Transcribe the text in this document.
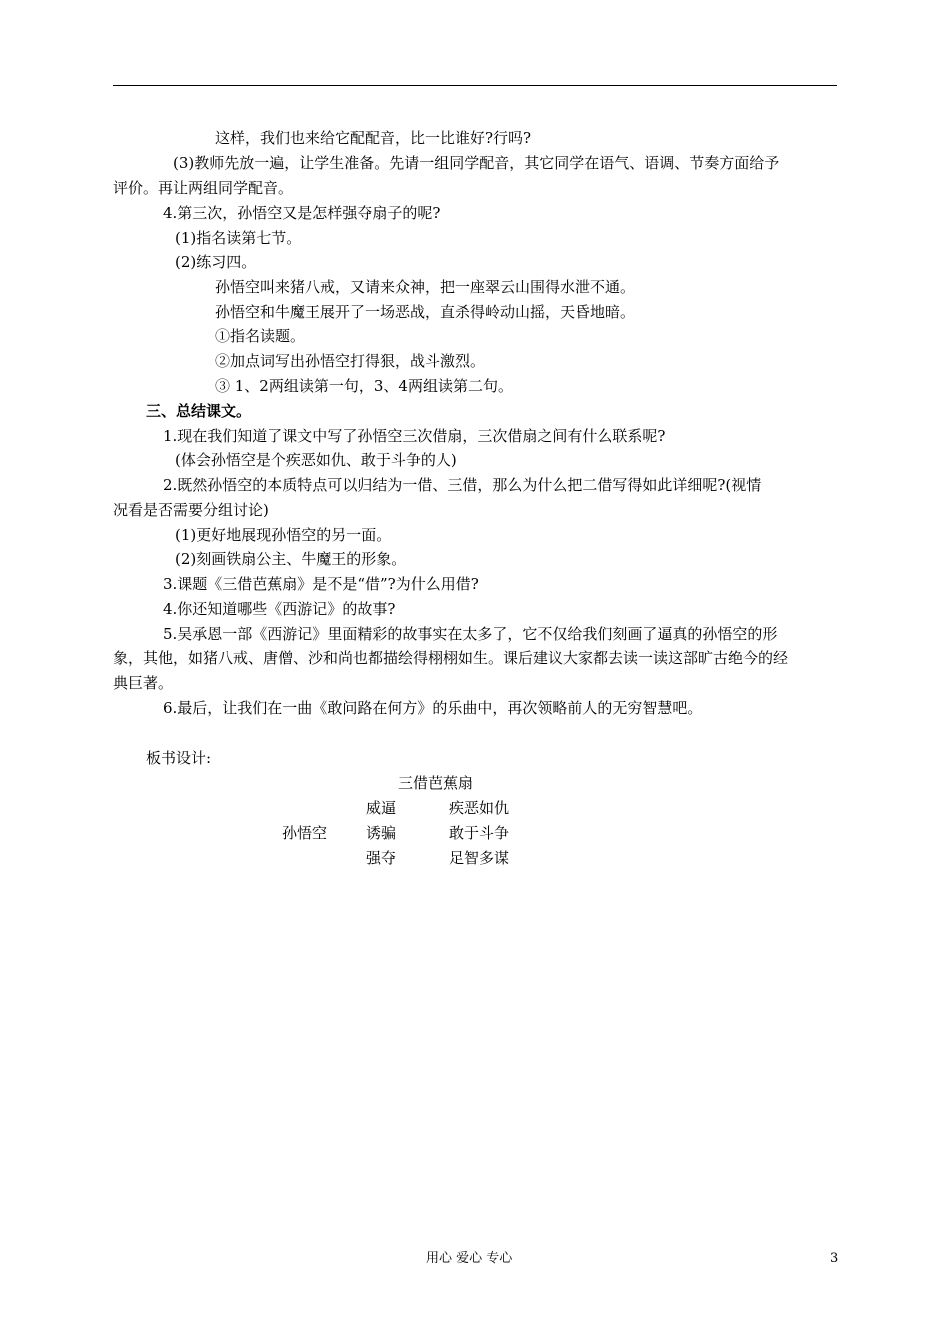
这样，我们也来给它配配音，比一比谁好?行吗?
(3)教师先放一遍，让学生准备。先请一组同学配音，其它同学在语气、语调、节奏方面给予
评价。再让两组同学配音。
4.第三次，孙悟空又是怎样强夺扇子的呢?
(1)指名读第七节。
(2)练习四。
孙悟空叫来猪八戒，又请来众神，把一座翠云山围得水泄不通。
孙悟空和牛魔王展开了一场恶战，直杀得岭动山摇，天昏地暗。
①指名读题。
②加点词写出孙悟空打得狠，战斗激烈。
③ 1、2两组读第一句，3、4两组读第二句。
三、总结课文。
1.现在我们知道了课文中写了孙悟空三次借扇，三次借扇之间有什么联系呢?
(体会孙悟空是个疾恶如仇、敢于斗争的人)
2.既然孙悟空的本质特点可以归结为一借、三借，那么为什么把二借写得如此详细呢?(视情
况看是否需要分组讨论)
(1)更好地展现孙悟空的另一面。
(2)刻画铁扇公主、牛魔王的形象。
3.课题《三借芭蕉扇》是不是“借”?为什么用借?
4.你还知道哪些《西游记》的故事?
5.吴承恩一部《西游记》里面精彩的故事实在太多了，它不仅给我们刻画了逼真的孙悟空的形
象，其他，如猪八戒、唐僧、沙和尚也都描绘得栩栩如生。课后建议大家都去读一读这部旷古绝今的经
典巨著。
6.最后，让我们在一曲《敢问路在何方》的乐曲中，再次领略前人的无穷智慧吧。
板书设计:
三借芭蕉扇
孙悟空
威逼
诱骗
强夺
疾恶如仇
敢于斗争
足智多谋
用心 爱心 专心	3
